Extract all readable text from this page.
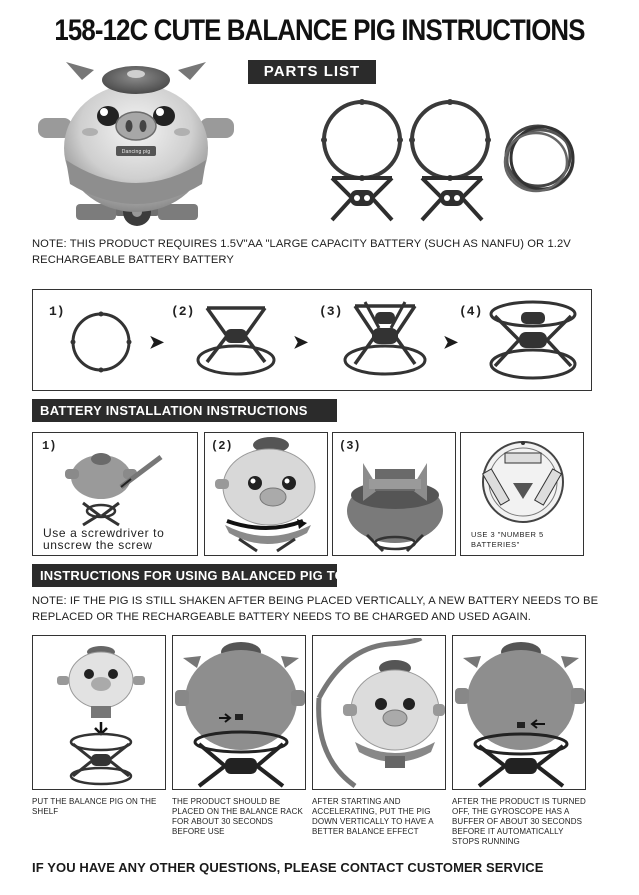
158-12C CUTE BALANCE PIG INSTRUCTIONS
PARTS LIST
Dancing pig
NOTE: THIS PRODUCT REQUIRES 1.5V"AA "LARGE CAPACITY BATTERY (SUCH AS NANFU) OR 1.2V RECHARGEABLE BATTERY BATTERY
1)	(2)	(3)	(4)
➤	➤	➤
BATTERY INSTALLATION INSTRUCTIONS
1)
Use a screwdriver to unscrew the screw
(2)	(3)
USE 3 "NUMBER 5 BATTERIES"
INSTRUCTIONS FOR USING BALANCED PIG TOYS
NOTE: IF THE PIG IS STILL SHAKEN AFTER BEING PLACED VERTICALLY, A NEW BATTERY NEEDS TO BE REPLACED OR THE RECHARGEABLE BATTERY NEEDS TO BE CHARGED AND USED AGAIN.
PUT THE BALANCE PIG ON THE SHELF
THE PRODUCT SHOULD BE PLACED ON THE BALANCE RACK FOR ABOUT 30 SECONDS BEFORE USE
AFTER STARTING AND ACCELERATING, PUT THE PIG DOWN VERTICALLY TO HAVE A BETTER BALANCE EFFECT
AFTER THE PRODUCT IS TURNED OFF, THE GYROSCOPE HAS A BUFFER OF ABOUT 30 SECONDS BEFORE IT AUTOMATICALLY STOPS RUNNING
IF YOU HAVE ANY OTHER QUESTIONS, PLEASE CONTACT CUSTOMER SERVICE
